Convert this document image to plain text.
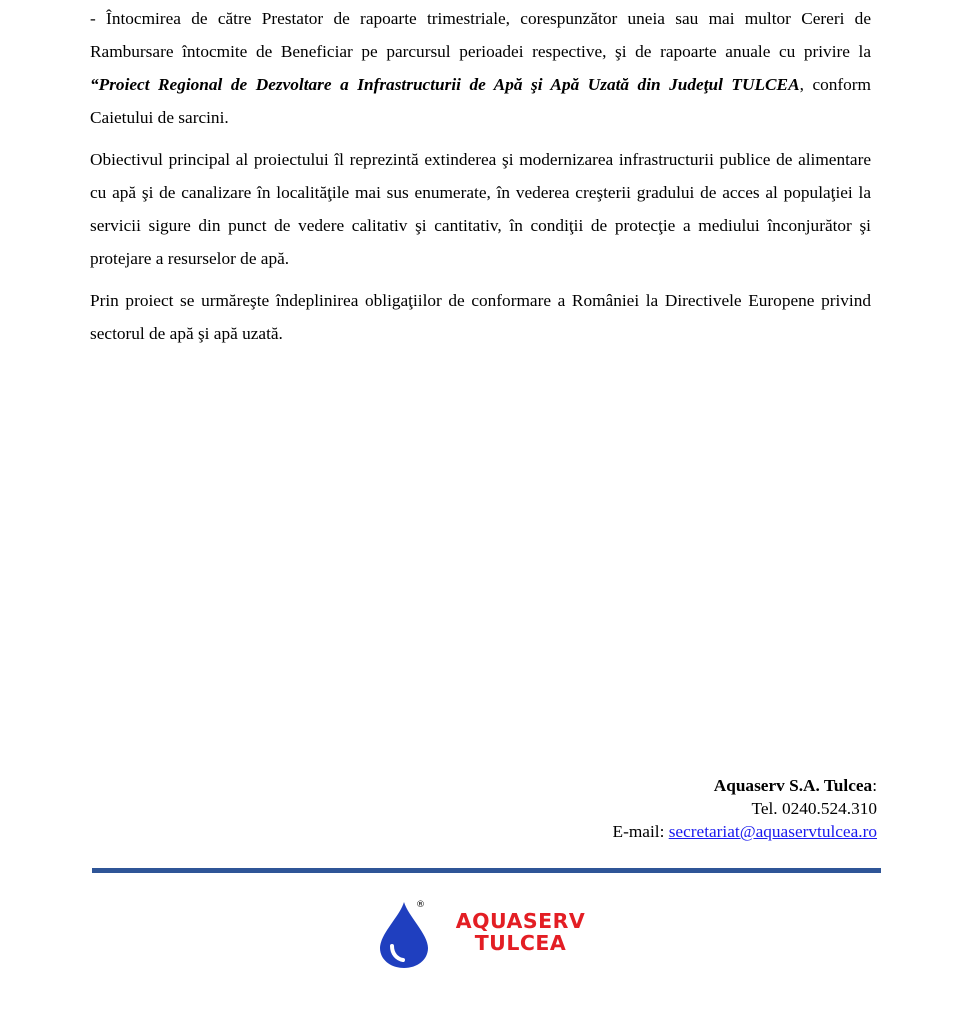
- Întocmirea de către Prestator de rapoarte trimestriale, corespunzător uneia sau mai multor Cereri de Rambursare întocmite de Beneficiar pe parcursul perioadei respective, şi de rapoarte anuale cu privire la “Proiect Regional de Dezvoltare a Infrastructurii de Apă şi Apă Uzată din Judeţul TULCEA, conform Caietului de sarcini.

Obiectivul principal al proiectului îl reprezintă extinderea şi modernizarea infrastructurii publice de alimentare cu apă şi de canalizare în localităţile mai sus enumerate, în vederea creşterii gradului de acces al populaţiei la servicii sigure din punct de vedere calitativ şi cantitativ, în condiţii de protecţie a mediului înconjurător şi protejare a resurselor de apă.

Prin proiect se urmăreşte îndeplinirea obligaţiilor de conformare a României la Directivele Europene privind sectorul de apă şi apă uzată.

Aquaserv S.A. Tulcea:
Tel. 0240.524.310
E-mail: secretariat@aquaservtulcea.ro
®
AQUASERV
TULCEA
